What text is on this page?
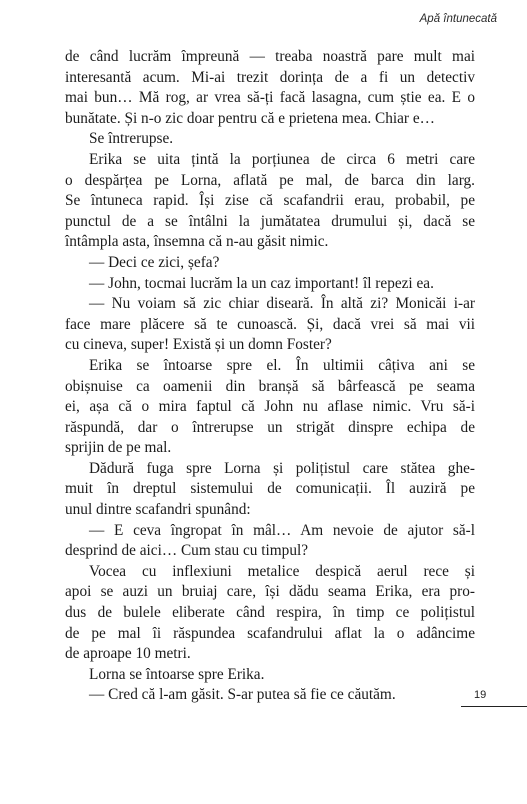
Apă întunecată

de când lucrăm împreună — treaba noastră pare mult mai
interesantă acum. Mi-ai trezit dorința de a fi un detectiv
mai bun… Mă rog, ar vrea să-ți facă lasagna, cum știe ea. E o
bunătate. Și n-o zic doar pentru că e prietena mea. Chiar e…

Se întrerupse.

Erika se uita țintă la porțiunea de circa 6 metri care
o despărțea pe Lorna, aflată pe mal, de barca din larg.
Se întuneca rapid. Își zise că scafandrii erau, probabil, pe
punctul de a se întâlni la jumătatea drumului și, dacă se
întâmpla asta, însemna că n-au găsit nimic.

— Deci ce zici, șefa?

— John, tocmai lucrăm la un caz important! îl repezi ea.

— Nu voiam să zic chiar diseară. În altă zi? Monicăi i-ar
face mare plăcere să te cunoască. Și, dacă vrei să mai vii
cu cineva, super! Există și un domn Foster?

Erika se întoarse spre el. În ultimii câțiva ani se
obișnuise ca oamenii din branșă să bârfească pe seama
ei, așa că o mira faptul că John nu aflase nimic. Vru să-i
răspundă, dar o întrerupse un strigăt dinspre echipa de
sprijin de pe mal.

Dădură fuga spre Lorna și polițistul care stătea ghe-
muit în dreptul sistemului de comunicații. Îl auziră pe
unul dintre scafandri spunând:

— E ceva îngropat în mâl… Am nevoie de ajutor să-l
desprind de aici… Cum stau cu timpul?

Vocea cu inflexiuni metalice despică aerul rece și
apoi se auzi un bruiaj care, își dădu seama Erika, era pro-
dus de bulele eliberate când respira, în timp ce polițistul
de pe mal îi răspundea scafandrului aflat la o adâncime
de aproape 10 metri.

Lorna se întoarse spre Erika.

— Cred că l-am găsit. S-ar putea să fie ce căutăm.	19
